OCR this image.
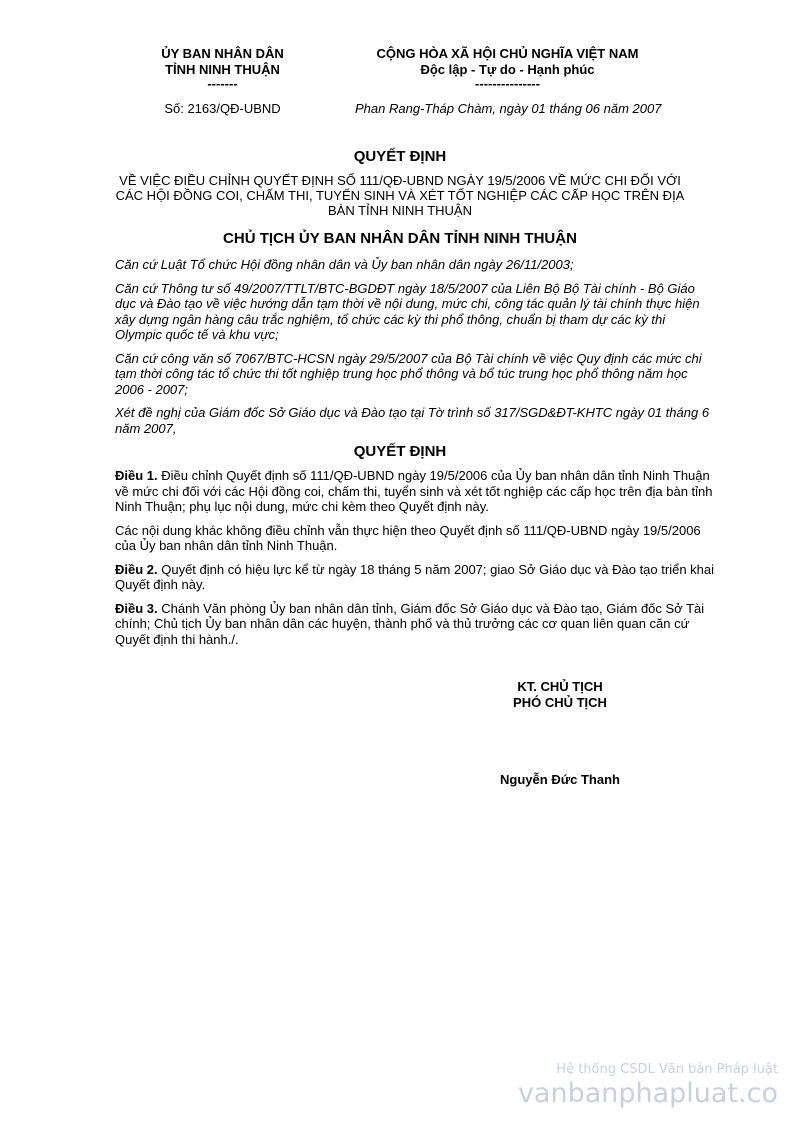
ỦY BAN NHÂN DÂN
TỈNH NINH THUẬN
-------
Số: 2163/QĐ-UBND
CỘNG HÒA XÃ HỘI CHỦ NGHĨA VIỆT NAM
Độc lập - Tự do - Hạnh phúc
---------------
Phan Rang-Tháp Chàm, ngày 01 tháng 06 năm 2007
QUYẾT ĐỊNH
VỀ VIỆC ĐIỀU CHỈNH QUYẾT ĐỊNH SỐ 111/QĐ-UBND NGÀY 19/5/2006 VỀ MỨC CHI ĐỐI VỚI CÁC HỘI ĐỒNG COI, CHẤM THI, TUYỂN SINH VÀ XÉT TỐT NGHIỆP CÁC CẤP HỌC TRÊN ĐỊA BÀN TỈNH NINH THUẬN
CHỦ TỊCH ỦY BAN NHÂN DÂN TỈNH NINH THUẬN

Căn cứ Luật Tổ chức Hội đồng nhân dân và Ủy ban nhân dân ngày 26/11/2003;

Căn cứ Thông tư số 49/2007/TTLT/BTC-BGDĐT ngày 18/5/2007 của Liên Bộ Bộ Tài chính - Bộ Giáo dục và Đào tạo về việc hướng dẫn tạm thời về nội dung, mức chi, công tác quản lý tài chính thực hiện xây dựng ngân hàng câu trắc nghiệm, tổ chức các kỳ thi phổ thông, chuẩn bị tham dự các kỳ thi Olympic quốc tế và khu vực;

Căn cứ công văn số 7067/BTC-HCSN ngày 29/5/2007 của Bộ Tài chính về việc Quy định các mức chi tạm thời công tác tổ chức thi tốt nghiệp trung học phổ thông và bổ túc trung học phổ thông năm học 2006 - 2007;

Xét đề nghị của Giám đốc Sở Giáo dục và Đào tạo tại Tờ trình số 317/SGD&ĐT-KHTC ngày 01 tháng 6 năm 2007,

QUYẾT ĐỊNH

Điều 1. Điều chỉnh Quyết định số 111/QĐ-UBND ngày 19/5/2006 của Ủy ban nhân dân tỉnh Ninh Thuận về mức chi đối với các Hội đồng coi, chấm thi, tuyển sinh và xét tốt nghiệp các cấp học trên địa bàn tỉnh Ninh Thuận; phụ lục nội dung, mức chi kèm theo Quyết định này.

Các nội dung khác không điều chỉnh vẫn thực hiện theo Quyết định số 111/QĐ-UBND ngày 19/5/2006 của Ủy ban nhân dân tỉnh Ninh Thuận.

Điều 2. Quyết định có hiệu lực kể từ ngày 18 tháng 5 năm 2007; giao Sở Giáo dục và Đào tạo triển khai Quyết định này.

Điều 3. Chánh Văn phòng Ủy ban nhân dân tỉnh, Giám đốc Sở Giáo dục và Đào tạo, Giám đốc Sở Tài chính; Chủ tịch Ủy ban nhân dân các huyện, thành phố và thủ trưởng các cơ quan liên quan căn cứ Quyết định thi hành./.

KT. CHỦ TỊCH
PHÓ CHỦ TỊCH
Nguyễn Đức Thanh
Hệ thống CSDL Văn bản Pháp luật
vanbanphapluat.co
